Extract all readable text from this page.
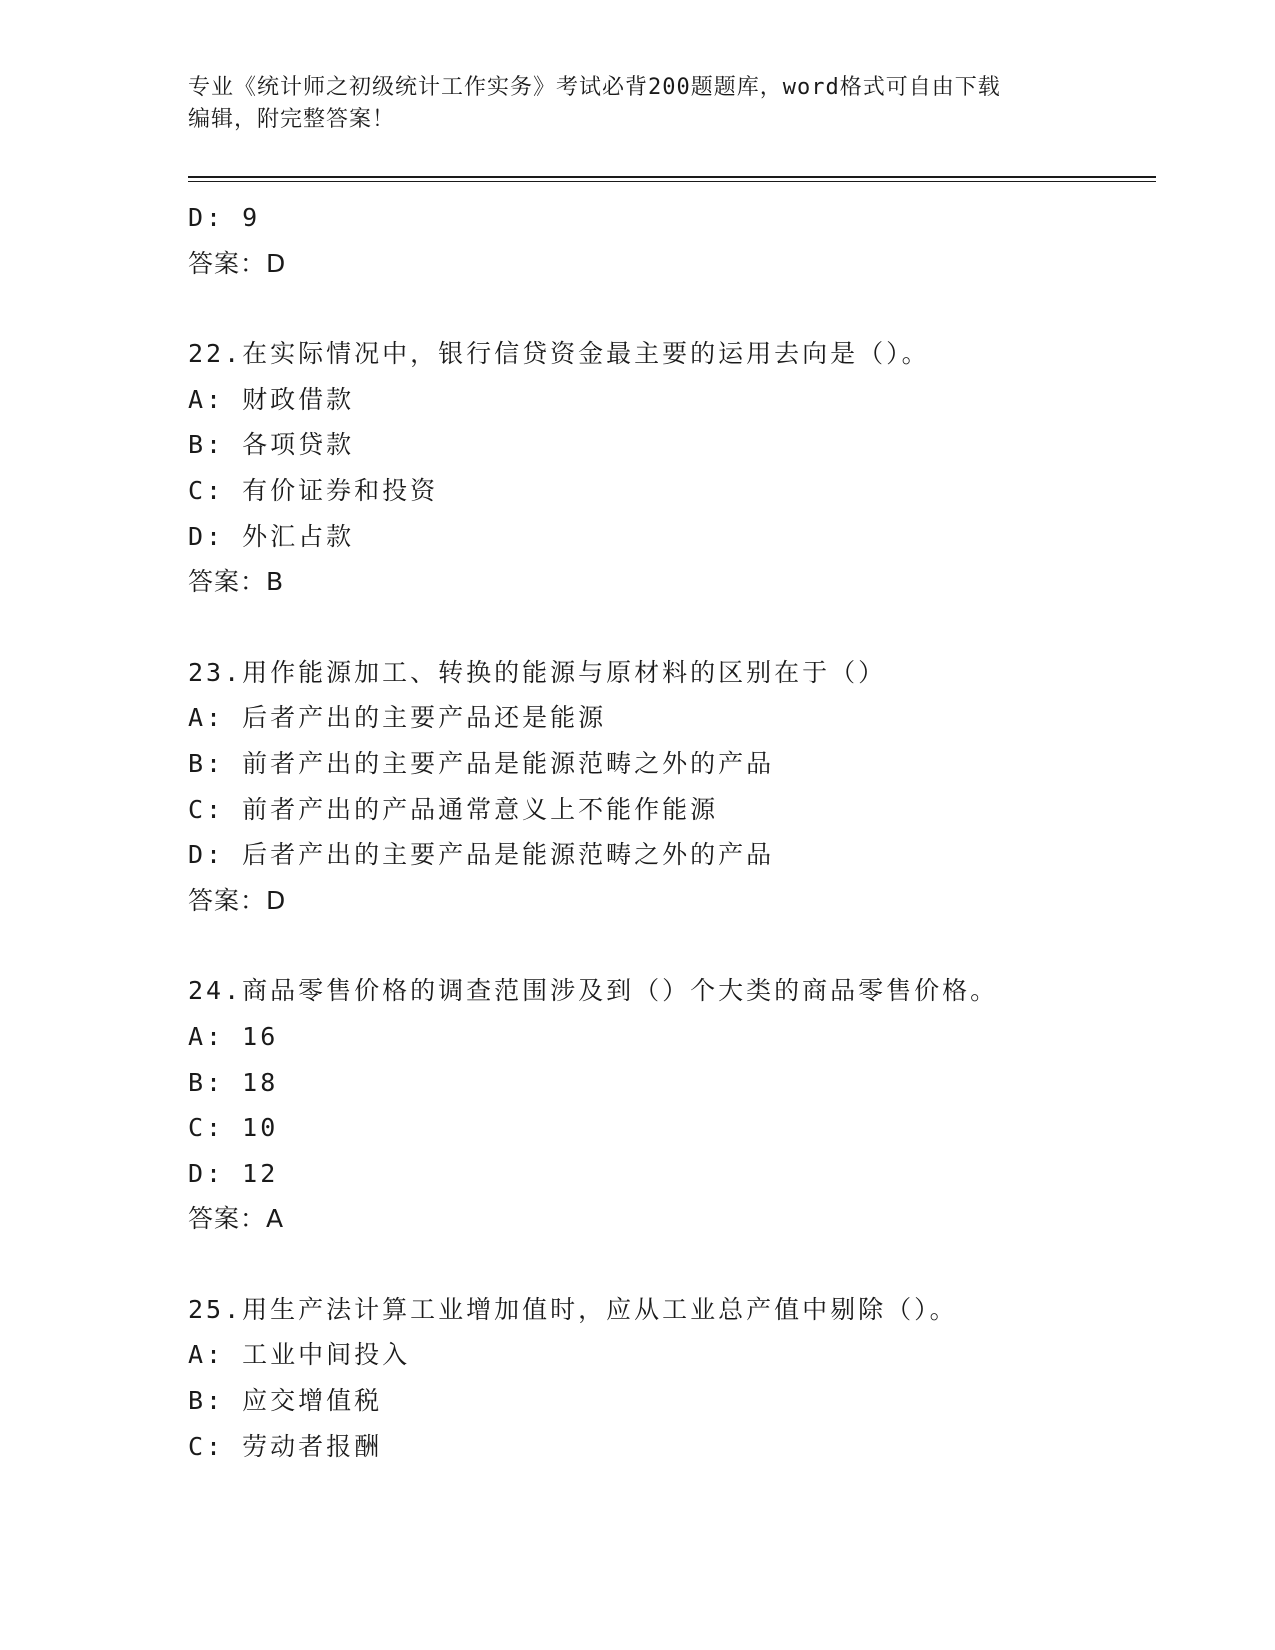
专业《统计师之初级统计工作实务》考试必背200题题库，word格式可自由下载
编辑，附完整答案！
D: 9
答案：D
22.在实际情况中，银行信贷资金最主要的运用去向是（）。
A: 财政借款
B: 各项贷款
C: 有价证券和投资
D: 外汇占款
答案：B
23.用作能源加工、转换的能源与原材料的区别在于（）
A: 后者产出的主要产品还是能源
B: 前者产出的主要产品是能源范畴之外的产品
C: 前者产出的产品通常意义上不能作能源
D: 后者产出的主要产品是能源范畴之外的产品
答案：D
24.商品零售价格的调查范围涉及到（）个大类的商品零售价格。
A: 16
B: 18
C: 10
D: 12
答案：A
25.用生产法计算工业增加值时，应从工业总产值中剔除（）。
A: 工业中间投入
B: 应交增值税
C: 劳动者报酬
